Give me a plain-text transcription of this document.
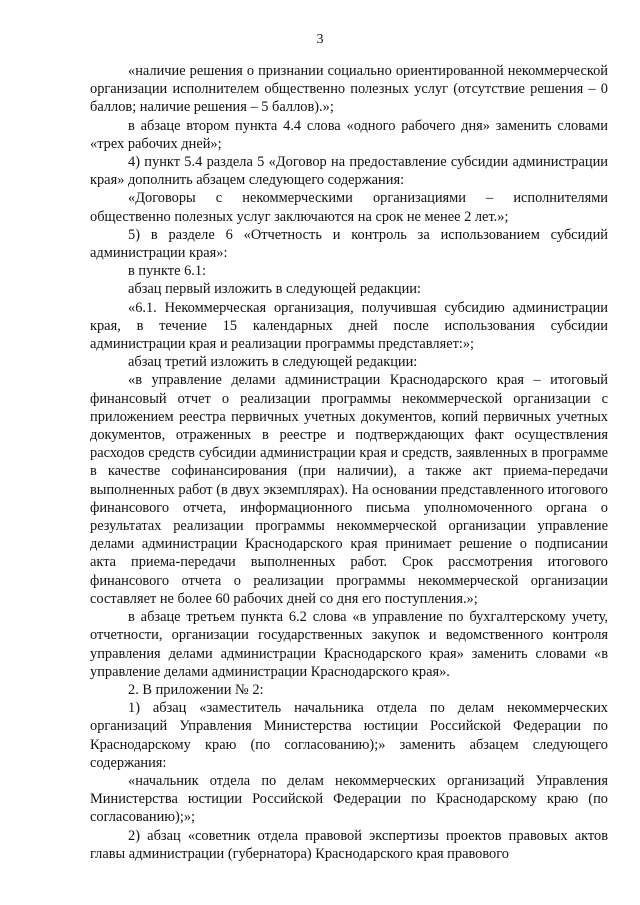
3

«наличие решения о признании социально ориентированной некоммерческой организации исполнителем общественно полезных услуг (отсутствие решения – 0 баллов; наличие решения – 5 баллов).»;

в абзаце втором пункта 4.4 слова «одного рабочего дня» заменить словами «трех рабочих дней»;

4) пункт 5.4 раздела 5 «Договор на предоставление субсидии администрации края» дополнить абзацем следующего содержания:

«Договоры с некоммерческими организациями – исполнителями общественно полезных услуг заключаются на срок не менее 2 лет.»;

5) в разделе 6 «Отчетность и контроль за использованием субсидий администрации края»:

в пункте 6.1:

абзац первый изложить в следующей редакции:

«6.1. Некоммерческая организация, получившая субсидию администрации края, в течение 15 календарных дней после использования субсидии администрации края и реализации программы представляет:»;

абзац третий изложить в следующей редакции:

«в управление делами администрации Краснодарского края – итоговый финансовый отчет о реализации программы некоммерческой организации с приложением реестра первичных учетных документов, копий первичных учетных документов, отраженных в реестре и подтверждающих факт осуществления расходов средств субсидии администрации края и средств, заявленных в программе в качестве софинансирования (при наличии), а также акт приема-передачи выполненных работ (в двух экземплярах). На основании представленного итогового финансового отчета, информационного письма уполномоченного органа о результатах реализации программы некоммерческой организации управление делами администрации Краснодарского края принимает решение о подписании акта приема-передачи выполненных работ. Срок рассмотрения итогового финансового отчета о реализации программы некоммерческой организации составляет не более 60 рабочих дней со дня его поступления.»;

в абзаце третьем пункта 6.2 слова «в управление по бухгалтерскому учету, отчетности, организации государственных закупок и ведомственного контроля управления делами администрации Краснодарского края» заменить словами «в управление делами администрации Краснодарского края».

2. В приложении № 2:

1) абзац «заместитель начальника отдела по делам некоммерческих организаций Управления Министерства юстиции Российской Федерации по Краснодарскому краю (по согласованию);» заменить абзацем следующего содержания:

«начальник отдела по делам некоммерческих организаций Управления Министерства юстиции Российской Федерации по Краснодарскому краю (по согласованию);»;

2) абзац «советник отдела правовой экспертизы проектов правовых актов главы администрации (губернатора) Краснодарского края правового
